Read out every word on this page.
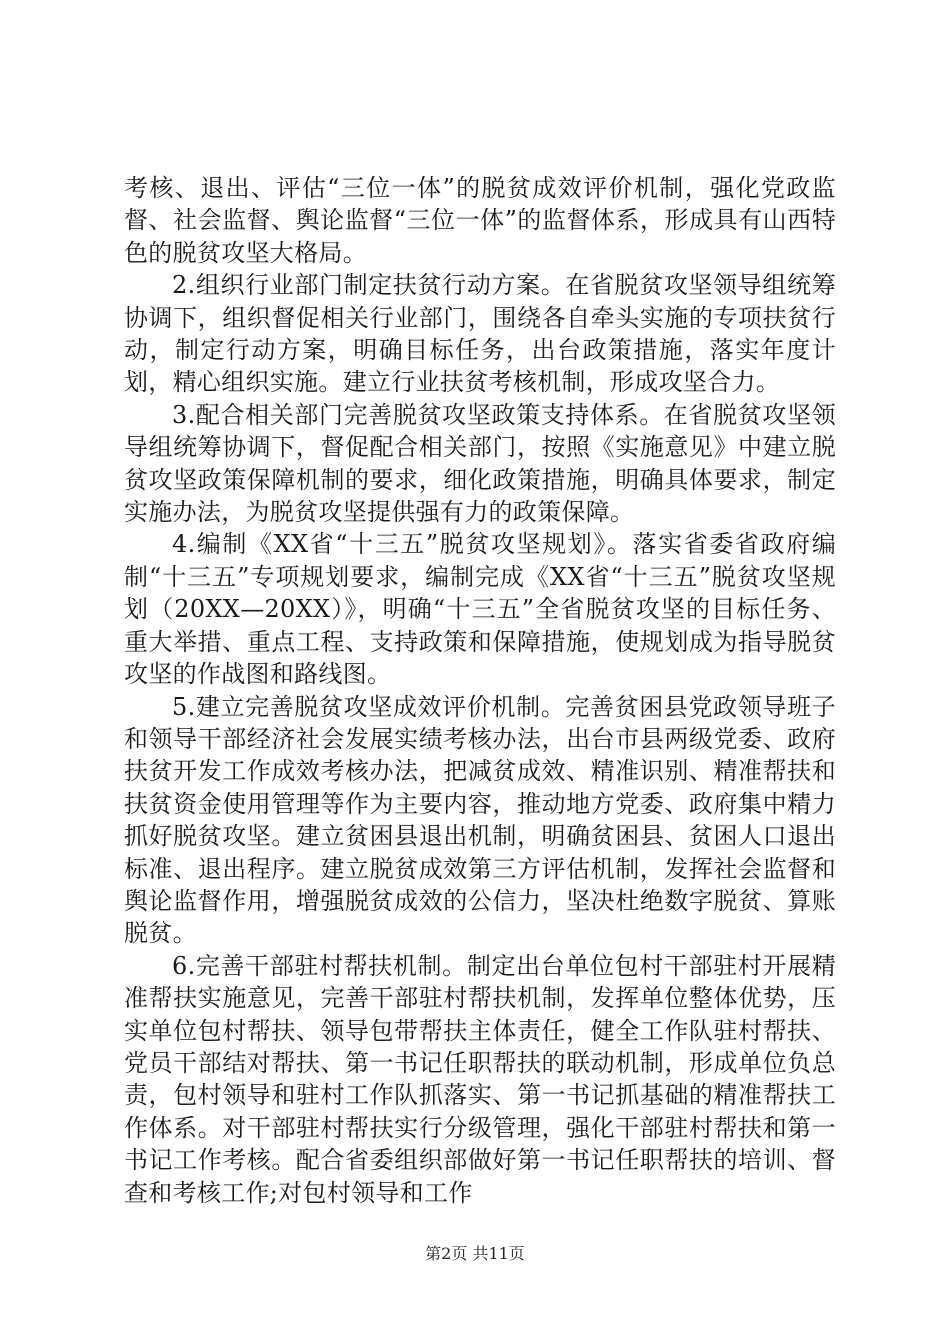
考核、退出、评估“三位一体”的脱贫成效评价机制，强化党政监督、社会监督、舆论监督“三位一体”的监督体系，形成具有山西特色的脱贫攻坚大格局。

2.组织行业部门制定扶贫行动方案。在省脱贫攻坚领导组统筹协调下，组织督促相关行业部门，围绕各自牵头实施的专项扶贫行动，制定行动方案，明确目标任务，出台政策措施，落实年度计划，精心组织实施。建立行业扶贫考核机制，形成攻坚合力。

3.配合相关部门完善脱贫攻坚政策支持体系。在省脱贫攻坚领导组统筹协调下，督促配合相关部门，按照《实施意见》中建立脱贫攻坚政策保障机制的要求，细化政策措施，明确具体要求，制定实施办法，为脱贫攻坚提供强有力的政策保障。

4.编制《XX省“十三五”脱贫攻坚规划》。落实省委省政府编制“十三五”专项规划要求，编制完成《XX省“十三五”脱贫攻坚规划（20XX—20XX）》，明确“十三五”全省脱贫攻坚的目标任务、重大举措、重点工程、支持政策和保障措施，使规划成为指导脱贫攻坚的作战图和路线图。

5.建立完善脱贫攻坚成效评价机制。完善贫困县党政领导班子和领导干部经济社会发展实绩考核办法，出台市县两级党委、政府扶贫开发工作成效考核办法，把减贫成效、精准识别、精准帮扶和扶贫资金使用管理等作为主要内容，推动地方党委、政府集中精力抓好脱贫攻坚。建立贫困县退出机制，明确贫困县、贫困人口退出标准、退出程序。建立脱贫成效第三方评估机制，发挥社会监督和舆论监督作用，增强脱贫成效的公信力，坚决杜绝数字脱贫、算账脱贫。

6.完善干部驻村帮扶机制。制定出台单位包村干部驻村开展精准帮扶实施意见，完善干部驻村帮扶机制，发挥单位整体优势，压实单位包村帮扶、领导包带帮扶主体责任，健全工作队驻村帮扶、党员干部结对帮扶、第一书记任职帮扶的联动机制，形成单位负总责，包村领导和驻村工作队抓落实、第一书记抓基础的精准帮扶工作体系。对干部驻村帮扶实行分级管理，强化干部驻村帮扶和第一书记工作考核。配合省委组织部做好第一书记任职帮扶的培训、督查和考核工作;对包村领导和工作

第2页 共11页
